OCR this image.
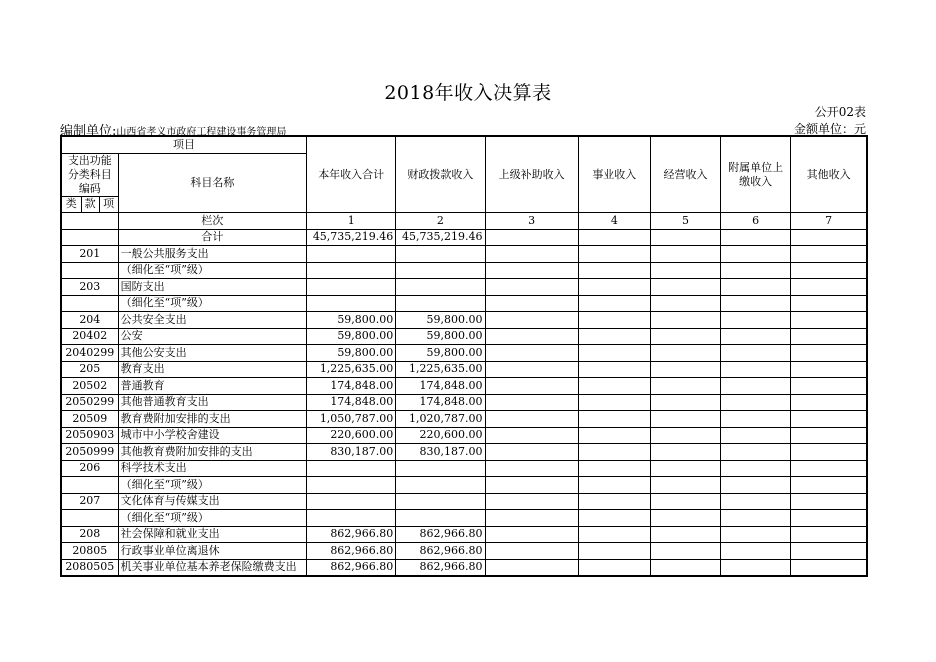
2018年收入决算表
公开02表
编制单位:山西省孝义市政府工程建设事务管理局	金额单位：元
项目				本年收入合计	财政拨款收入	上级补助收入	事业收入	经营收入	附属单位上缴收入	其他收入
支出功能分类科目编码			科目名称							
类	款	项								
			栏次	1	2	3	4	5	6	7
			合计	45,735,219.46	45,735,219.46					
201			一般公共服务支出							
			（细化至“项”级）							
203			国防支出							
			（细化至“项”级）							
204			公共安全支出	59,800.00	59,800.00					
20402			公安	59,800.00	59,800.00					
2040299			其他公安支出	59,800.00	59,800.00					
205			教育支出	1,225,635.00	1,225,635.00					
20502			普通教育	174,848.00	174,848.00					
2050299			其他普通教育支出	174,848.00	174,848.00					
20509			教育费附加安排的支出	1,050,787.00	1,020,787.00					
2050903			城市中小学校舍建设	220,600.00	220,600.00					
2050999			其他教育费附加安排的支出	830,187.00	830,187.00					
206			科学技术支出							
			（细化至“项”级）							
207			文化体育与传媒支出							
			（细化至“项”级）							
208			社会保障和就业支出	862,966.80	862,966.80					
20805			行政事业单位离退休	862,966.80	862,966.80					
2080505			机关事业单位基本养老保险缴费支出	862,966.80	862,966.80					
